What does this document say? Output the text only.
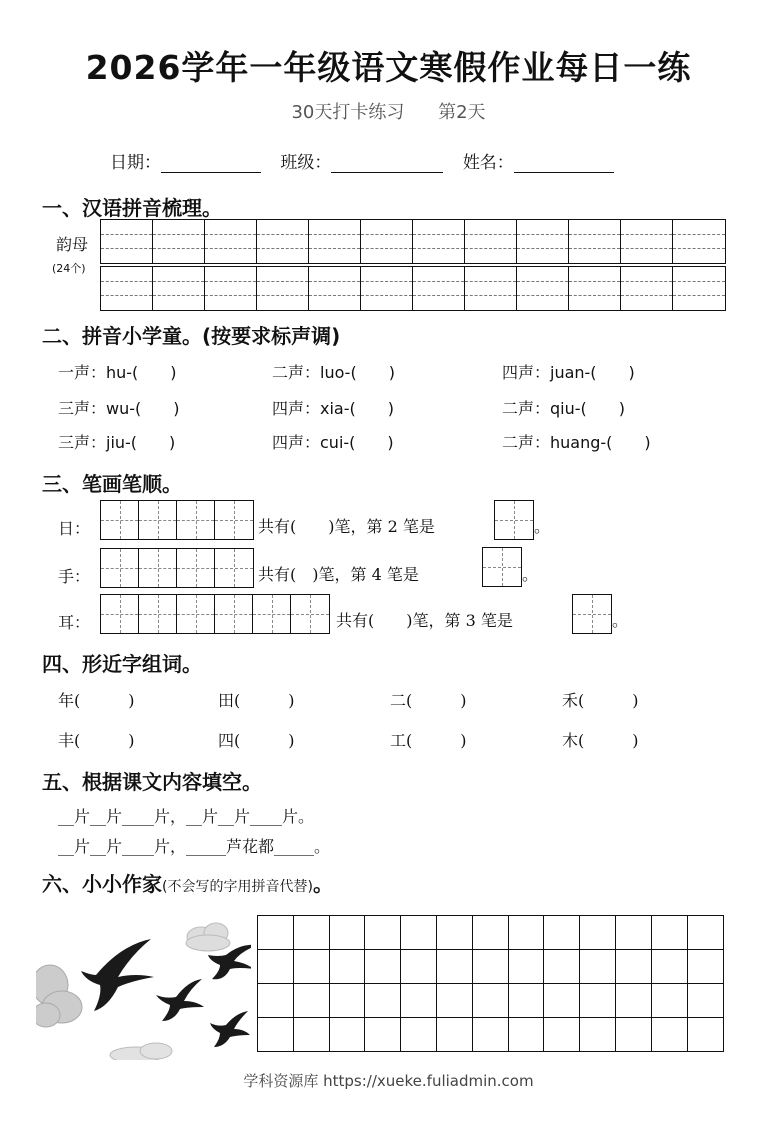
2026学年一年级语文寒假作业每日一练
30天打卡练习 第2天
日期：	班级：	姓名：
一、汉语拼音梳理。
韵母
(24个)
二、拼音小学童。(按要求标声调)
一声：hu-(　　)	二声：luo-(　　)	四声：juan-(　　)
三声：wu-(　　)	四声：xia-(　　)	二声：qiu-(　　)
三声：jiu-(　　)	四声：cui-(　　)	二声：huang-(　　)
三、笔画笔顺。
日：	共有(　　)笔，第 2 笔是	。
手：	共有(　)笔，第 4 笔是	。
耳：	共有(　　)笔，第 3 笔是	。
四、形近字组词。
年(　　　)	田(　　　)	二(　　　)	禾(　　　)
丰(　　　)	四(　　　)	工(　　　)	木(　　　)
五、根据课文内容填空。
__片__片____片，__片__片____片。
__片__片____片，_____芦花都_____。
六、小小作家(不会写的字用拼音代替)。
学科资源库 https://xueke.fuliadmin.com
